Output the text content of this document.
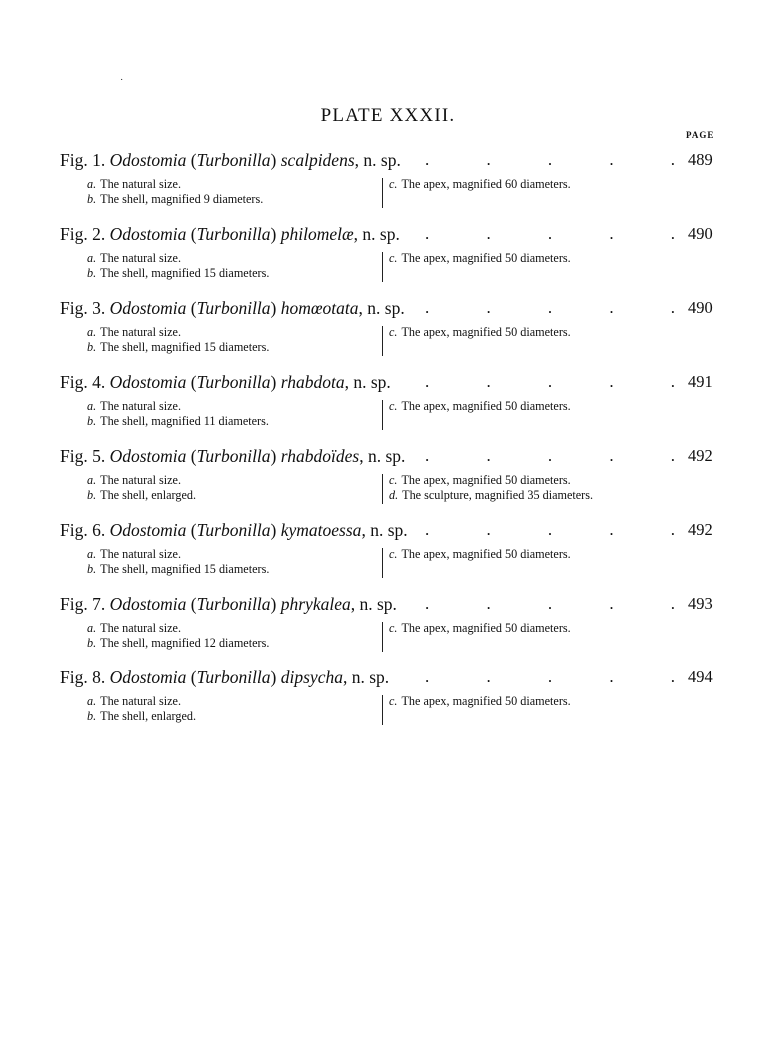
˙
PLATE XXXII.
PAGE
Fig. 1. Odostomia (Turbonilla) scalpidens, n. sp. .	.	.	.	. 489
a. The natural size.
b. The shell, magnified 9 diameters.
c. The apex, magnified 60 diameters.
Fig. 2. Odostomia (Turbonilla) philomelæ, n. sp. .	.	.	.	. 490
a. The natural size.
b. The shell, magnified 15 diameters.
c. The apex, magnified 50 diameters.
Fig. 3. Odostomia (Turbonilla) homœotata, n. sp. .	.	.	.	. 490
a. The natural size.
b. The shell, magnified 15 diameters.
c. The apex, magnified 50 diameters.
Fig. 4. Odostomia (Turbonilla) rhabdota, n. sp. .	.	.	.	. 491
a. The natural size.
b. The shell, magnified 11 diameters.
c. The apex, magnified 50 diameters.
Fig. 5. Odostomia (Turbonilla) rhabdoïdes, n. sp. .	.	.	.	. 492
a. The natural size.
b. The shell, enlarged.
c. The apex, magnified 50 diameters.
d. The sculpture, magnified 35 diameters.
Fig. 6. Odostomia (Turbonilla) kymatoessa, n. sp. .	.	.	.	. 492
a. The natural size.
b. The shell, magnified 15 diameters.
c. The apex, magnified 50 diameters.
Fig. 7. Odostomia (Turbonilla) phrykalea, n. sp. .	.	.	.	. 493
a. The natural size.
b. The shell, magnified 12 diameters.
c. The apex, magnified 50 diameters.
Fig. 8. Odostomia (Turbonilla) dipsycha, n. sp. .	.	.	.	. 494
a. The natural size.
b. The shell, enlarged.
c. The apex, magnified 50 diameters.
